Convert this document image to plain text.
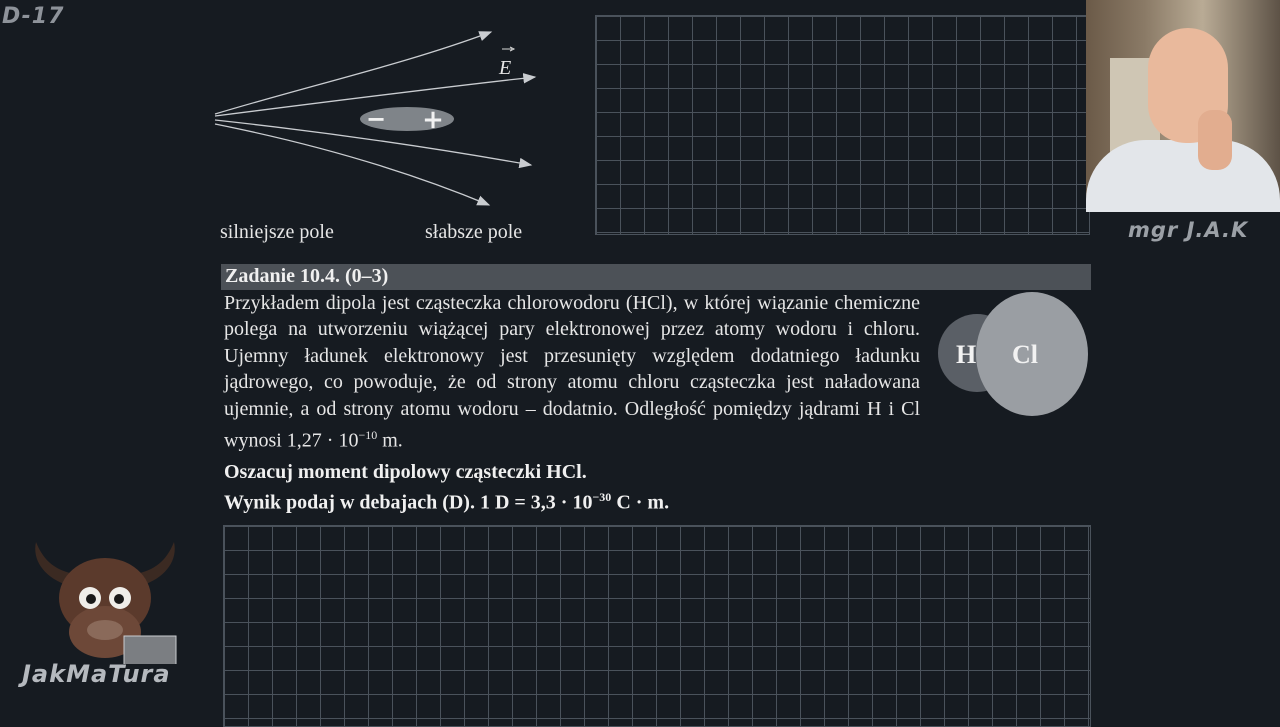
D-17
− +
E
silniejsze pole	słabsze pole	mgr J.A.K
Zadanie 10.4. (0–3)
Przykładem dipola jest cząsteczka chlorowodoru (HCl), w której wiązanie chemiczne polega na utworzeniu wiążącej pary elektronowej przez atomy wodoru i chloru. Ujemny ładunek elektronowy jest przesunięty względem dodatniego ładunku jądrowego, co powoduje, że od strony atomu chloru cząsteczka jest naładowana ujemnie, a od strony atomu wodoru – dodatnio. Odległość pomiędzy jądrami H i Cl wynosi $1,27 \cdot 10^{-10}$ m.
H Cl
Oszacuj moment dipolowy cząsteczki HCl.
Wynik podaj w debajach (D). 1 $D = 3,3 \cdot 10^{-30}$ C · m.
JakMaTura
